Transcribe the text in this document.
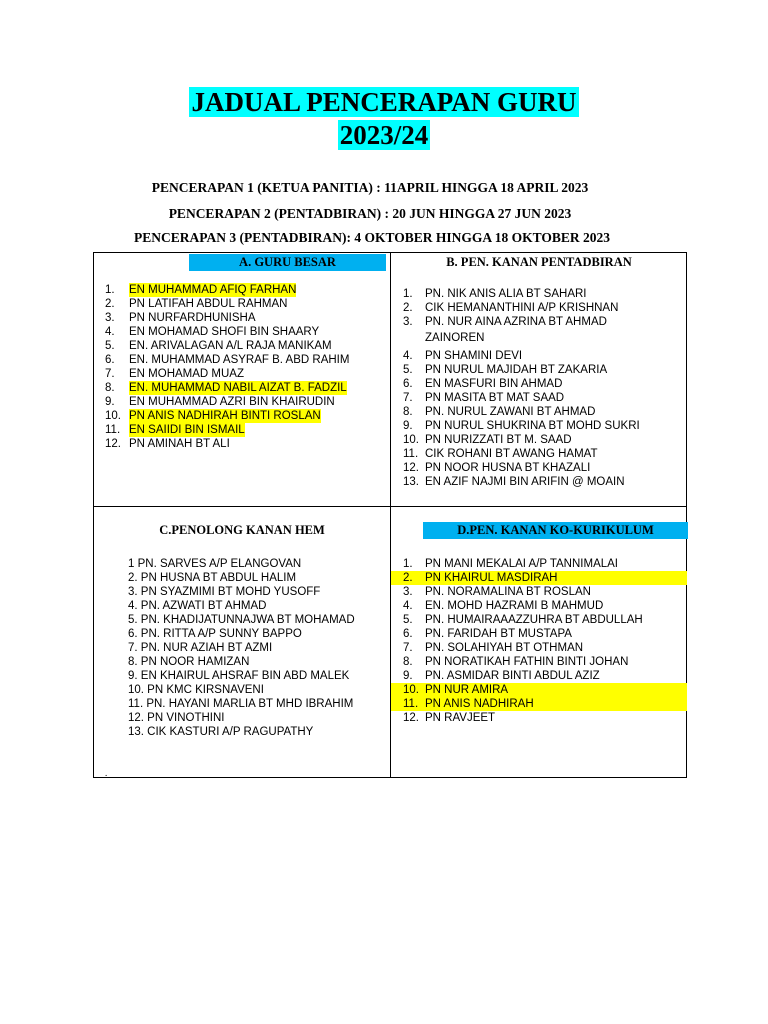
JADUAL PENCERAPAN GURU
2023/24
PENCERAPAN 1 (KETUA PANITIA) : 11APRIL HINGGA 18 APRIL 2023
PENCERAPAN 2 (PENTADBIRAN) : 20 JUN HINGGA 27 JUN 2023
PENCERAPAN 3 (PENTADBIRAN): 4 OKTOBER HINGGA 18 OKTOBER 2023
A. GURU BESAR	B. PEN. KANAN PENTADBIRAN
C.PENOLONG KANAN HEM	D.PEN. KANAN KO-KURIKULUM
1. EN MUHAMMAD AFIQ FARHAN
2. PN LATIFAH ABDUL RAHMAN
3. PN NURFARDHUNISHA
4. EN MOHAMAD SHOFI BIN SHAARY
5. EN. ARIVALAGAN A/L RAJA MANIKAM
6. EN. MUHAMMAD ASYRAF B. ABD RAHIM
7. EN MOHAMAD MUAZ
8. EN. MUHAMMAD NABIL AIZAT B. FADZIL
9. EN MUHAMMAD AZRI BIN KHAIRUDIN
10. PN ANIS NADHIRAH BINTI ROSLAN
11. EN SAIIDI BIN ISMAIL
12. PN AMINAH BT ALI
1. PN. NIK ANIS ALIA BT SAHARI
2. CIK HEMANANTHINI A/P KRISHNAN
3. PN. NUR AINA AZRINA BT AHMAD
ZAINOREN
4. PN SHAMINI DEVI
5. PN NURUL MAJIDAH BT ZAKARIA
6. EN MASFURI BIN AHMAD
7. PN MASITA BT MAT SAAD
8. PN. NURUL ZAWANI BT AHMAD
9. PN NURUL SHUKRINA BT MOHD SUKRI
10. PN NURIZZATI BT M. SAAD
11. CIK ROHANI BT AWANG HAMAT
12. PN NOOR HUSNA BT KHAZALI
13. EN AZIF NAJMI BIN ARIFIN @ MOAIN
1 PN. SARVES A/P ELANGOVAN
2. PN HUSNA BT ABDUL HALIM
3. PN SYAZMIMI BT MOHD YUSOFF
4. PN. AZWATI BT AHMAD
5. PN. KHADIJATUNNAJWA BT MOHAMAD
6. PN. RITTA A/P SUNNY BAPPO
7. PN. NUR AZIAH BT AZMI
8. PN NOOR HAMIZAN
9. EN KHAIRUL AHSRAF BIN ABD MALEK
10. PN KMC KIRSNAVENI
11. PN. HAYANI MARLIA BT MHD IBRAHIM
12. PN VINOTHINI
13. CIK KASTURI A/P RAGUPATHY
1. PN MANI MEKALAI A/P TANNIMALAI
2. PN KHAIRUL MASDIRAH
3. PN. NORAMALINA BT ROSLAN
4. EN. MOHD HAZRAMI B MAHMUD
5. PN. HUMAIRAAAZZUHRA BT ABDULLAH
6. PN. FARIDAH BT MUSTAPA
7. PN. SOLAHIYAH BT OTHMAN
8. PN NORATIKAH FATHIN BINTI JOHAN
9. PN. ASMIDAR BINTI ABDUL AZIZ
10. PN NUR AMIRA
11. PN ANIS NADHIRAH
12. PN RAVJEET
.
